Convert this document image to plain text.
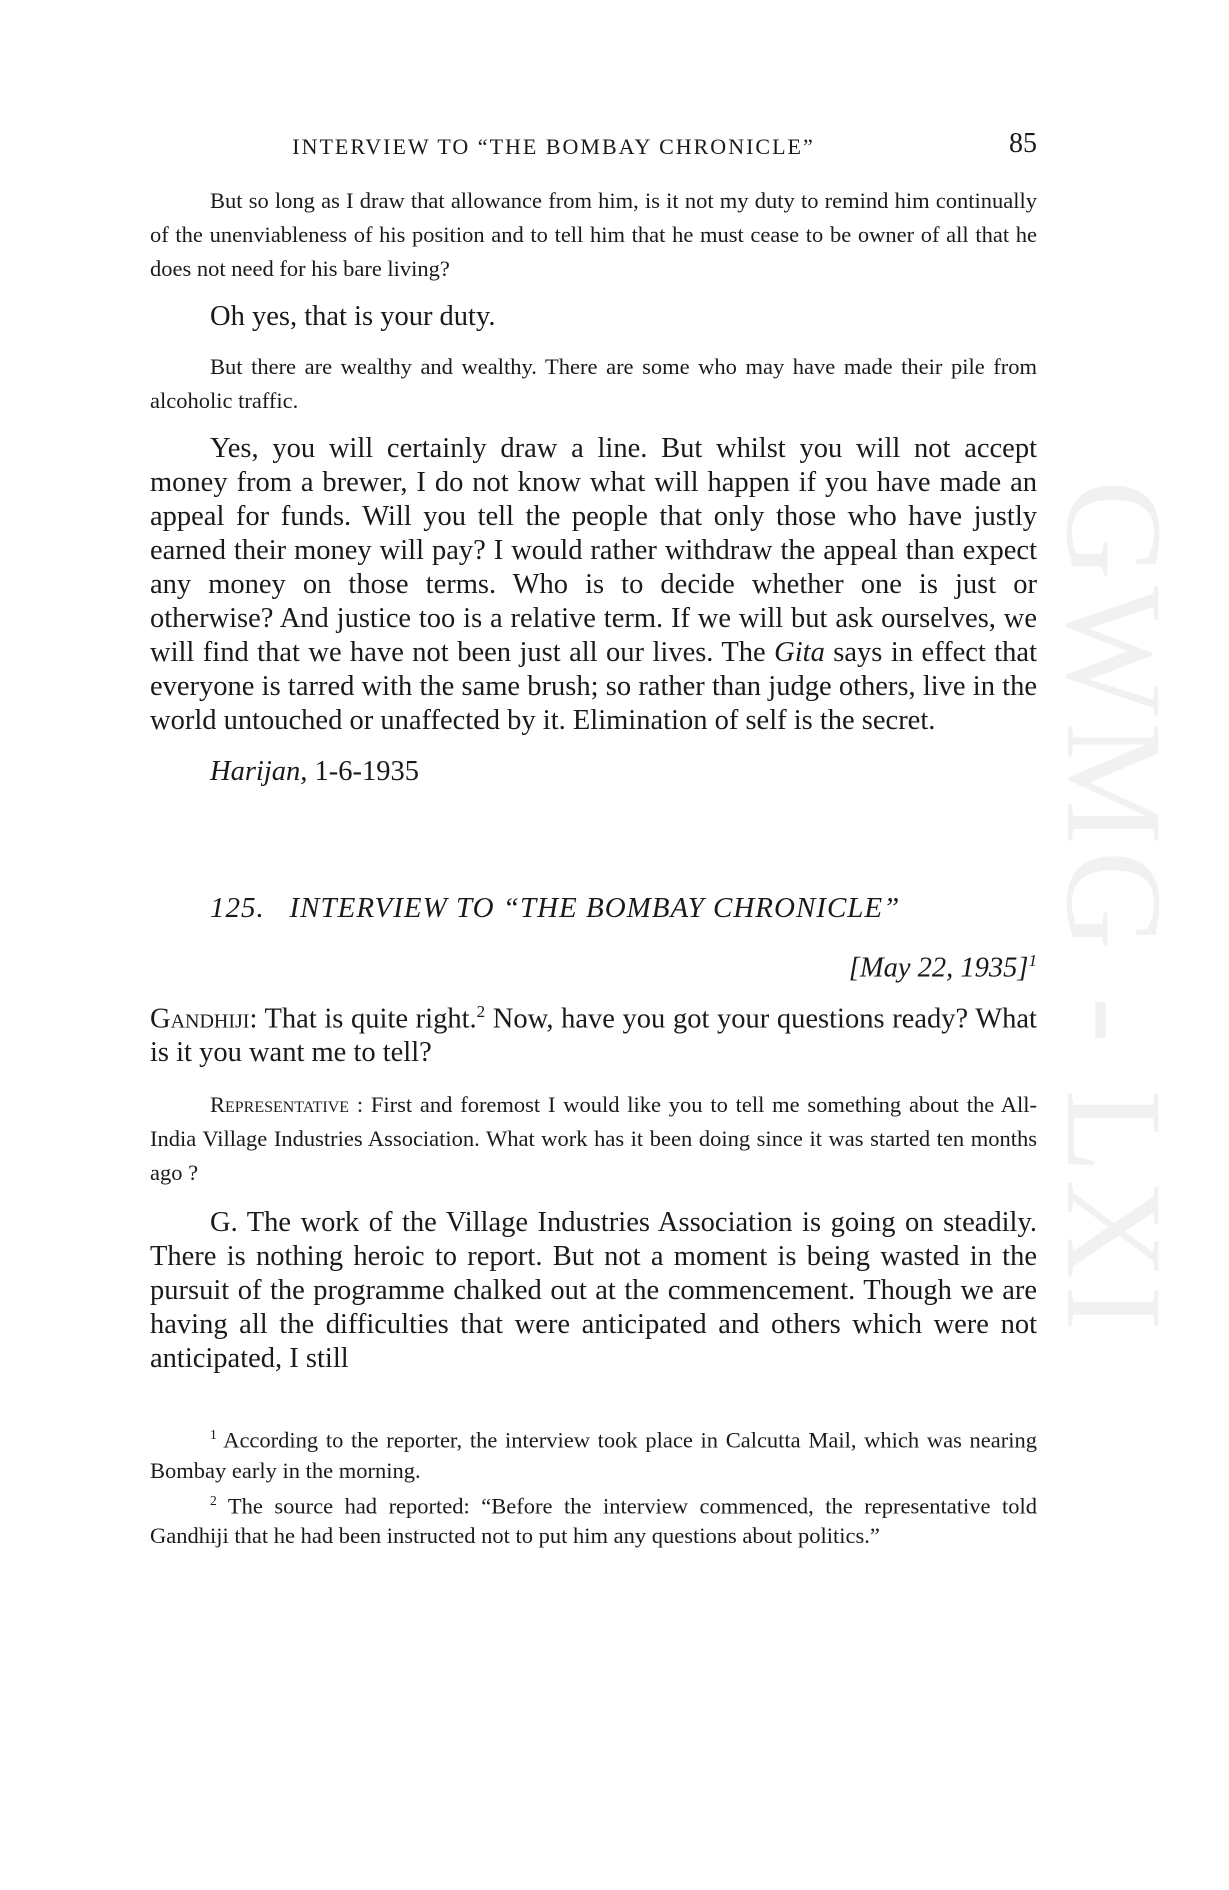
GWMG - LXI
INTERVIEW TO “THE BOMBAY CHRONICLE”	85

But so long as I draw that allowance from him, is it not my duty to remind him continually of the unenviableness of his position and to tell him that he must cease to be owner of all that he does not need for his bare living?

Oh yes, that is your duty.

But there are wealthy and wealthy. There are some who may have made their pile from alcoholic traffic.

Yes, you will certainly draw a line. But whilst you will not accept money from a brewer, I do not know what will happen if you have made an appeal for funds. Will you tell the people that only those who have justly earned their money will pay? I would rather withdraw the appeal than expect any money on those terms. Who is to decide whether one is just or otherwise? And justice too is a relative term. If we will but ask ourselves, we will find that we have not been just all our lives. The Gita says in effect that everyone is tarred with the same brush; so rather than judge others, live in the world untouched or unaffected by it. Elimination of self is the secret.

Harijan, 1-6-1935

125. INTERVIEW TO “THE BOMBAY CHRONICLE”
[May 22, 1935]$^1$

Gandhiji: That is quite right.$^2$ Now, have you got your questions ready? What is it you want me to tell?

Representative : First and foremost I would like you to tell me something about the All-India Village Industries Association. What work has it been doing since it was started ten months ago ?

G. The work of the Village Industries Association is going on steadily. There is nothing heroic to report. But not a moment is being wasted in the pursuit of the programme chalked out at the commencement. Though we are having all the difficulties that were anticipated and others which were not anticipated, I still

$^1$ According to the reporter, the interview took place in Calcutta Mail, which was nearing Bombay early in the morning.

$^2$ The source had reported: “Before the interview commenced, the representative told Gandhiji that he had been instructed not to put him any questions about politics.”
